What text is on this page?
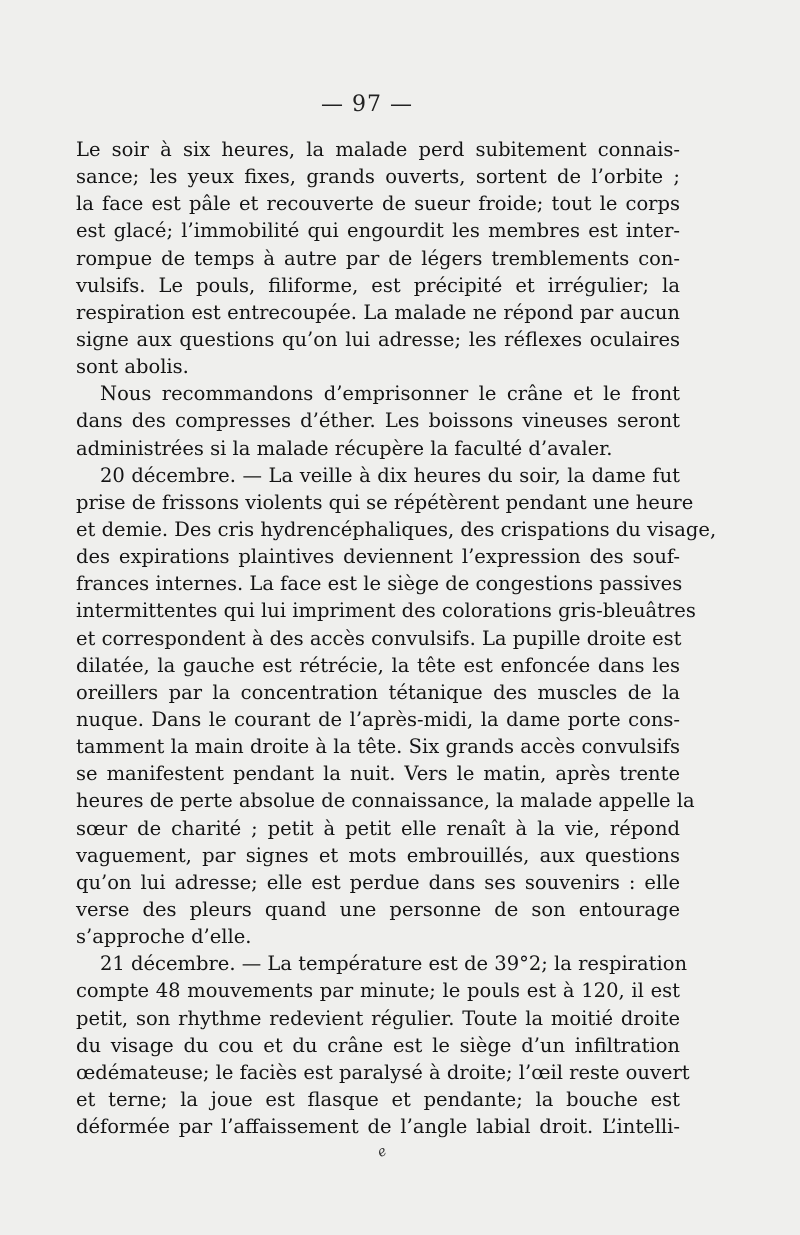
— 97 —
Le soir à six heures, la malade perd subitement connais-
sance; les yeux fixes, grands ouverts, sortent de l’orbite ;
la face est pâle et recouverte de sueur froide; tout le corps
est glacé; l’immobilité qui engourdit les membres est inter-
rompue de temps à autre par de légers tremblements con-
vulsifs. Le pouls, filiforme, est précipité et irrégulier; la
respiration est entrecoupée. La malade ne répond par aucun
signe aux questions qu’on lui adresse; les réflexes oculaires
sont abolis.
Nous recommandons d’emprisonner le crâne et le front
dans des compresses d’éther. Les boissons vineuses seront
administrées si la malade récupère la faculté d’avaler.
20 décembre. — La veille à dix heures du soir, la dame fut
prise de frissons violents qui se répétèrent pendant une heure
et demie. Des cris hydrencéphaliques, des crispations du visage,
des expirations plaintives deviennent l’expression des souf-
frances internes. La face est le siège de congestions passives
intermittentes qui lui impriment des colorations gris-bleuâtres
et correspondent à des accès convulsifs. La pupille droite est
dilatée, la gauche est rétrécie, la tête est enfoncée dans les
oreillers par la concentration tétanique des muscles de la
nuque. Dans le courant de l’après-midi, la dame porte cons-
tamment la main droite à la tête. Six grands accès convulsifs
se manifestent pendant la nuit. Vers le matin, après trente
heures de perte absolue de connaissance, la malade appelle la
sœur de charité ; petit à petit elle renaît à la vie, répond
vaguement, par signes et mots embrouillés, aux questions
qu’on lui adresse; elle est perdue dans ses souvenirs : elle
verse des pleurs quand une personne de son entourage
s’approche d’elle.
21 décembre. — La température est de 39°2; la respiration
compte 48 mouvements par minute; le pouls est à 120, il est
petit, son rhythme redevient régulier. Toute la moitié droite
du visage du cou et du crâne est le siège d’un infiltration
œdémateuse; le faciès est paralysé à droite; l’œil reste ouvert
et terne; la joue est flasque et pendante; la bouche est
déformée par l’affaissement de l’angle labial droit. L’intelli-
ℯ
